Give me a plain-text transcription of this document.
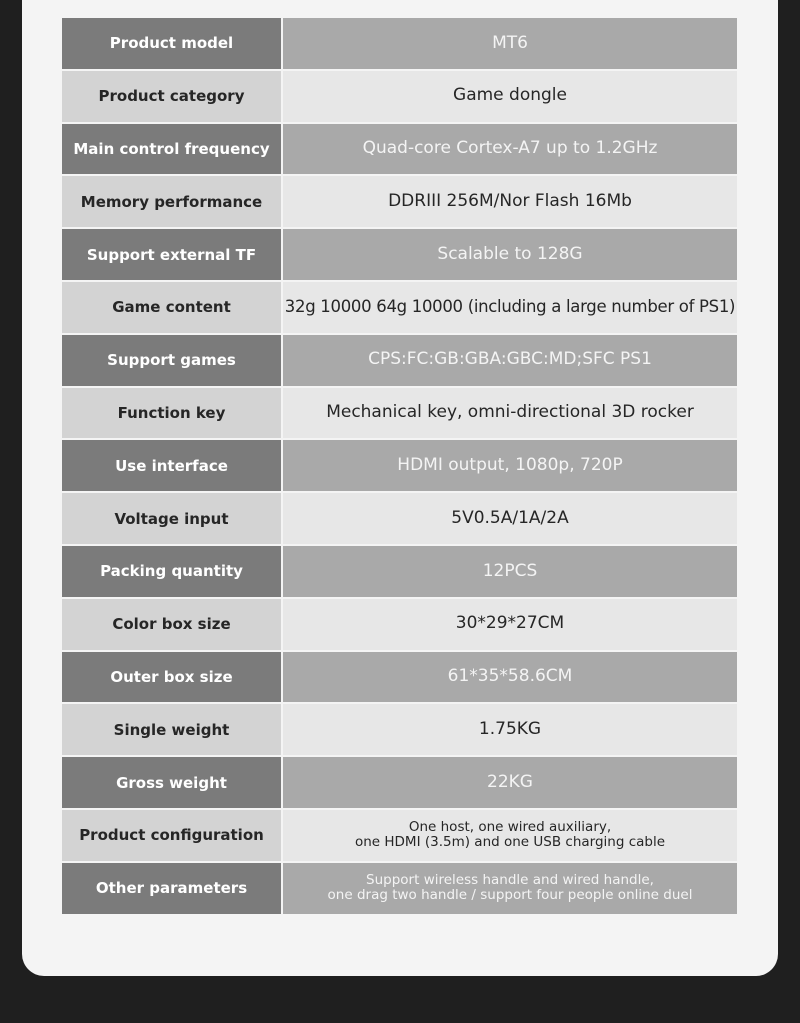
Product model	MT6
Product category	Game dongle
Main control frequency	Quad-core Cortex-A7 up to 1.2GHz
Memory performance	DDRIII 256M/Nor Flash 16Mb
Support external TF	Scalable to 128G
Game content	32g 10000 64g 10000 (including a large number of PS1)
Support games	CPS:FC:GB:GBA:GBC:MD;SFC PS1
Function key	Mechanical key, omni-directional 3D rocker
Use interface	HDMI output, 1080p, 720P
Voltage input	5V0.5A/1A/2A
Packing quantity	12PCS
Color box size	30*29*27CM
Outer box size	61*35*58.6CM
Single weight	1.75KG
Gross weight	22KG
Product configuration	One host, one wired auxiliary,
one HDMI (3.5m) and one USB charging cable
Other parameters	Support wireless handle and wired handle,
one drag two handle / support four people online duel
